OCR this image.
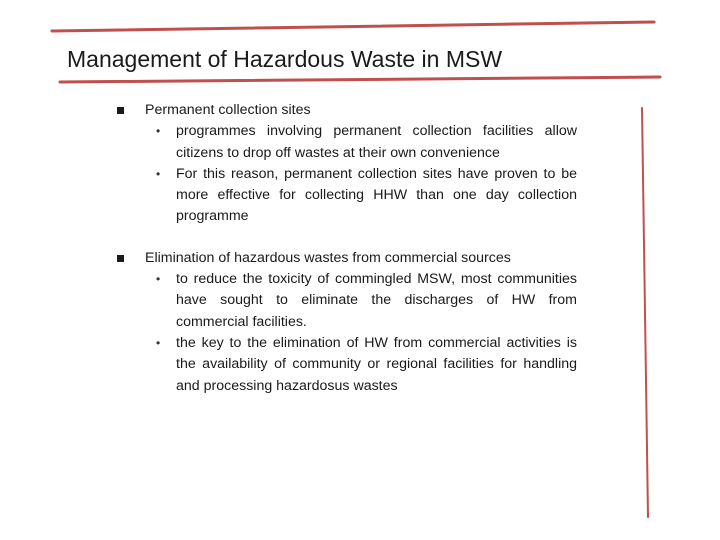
Management of Hazardous Waste in MSW
Permanent collection sites
• programmes involving permanent collection facilities allow citizens to drop off wastes at their own convenience
• For this reason, permanent collection sites have proven to be more effective for collecting HHW than one day collection programme
Elimination of hazardous wastes from commercial sources
• to reduce the toxicity of commingled MSW, most communities have sought to eliminate the discharges of HW from commercial facilities.
• the key to the elimination of HW from commercial activities is the availability of community or regional facilities for handling and processing hazardosus wastes
